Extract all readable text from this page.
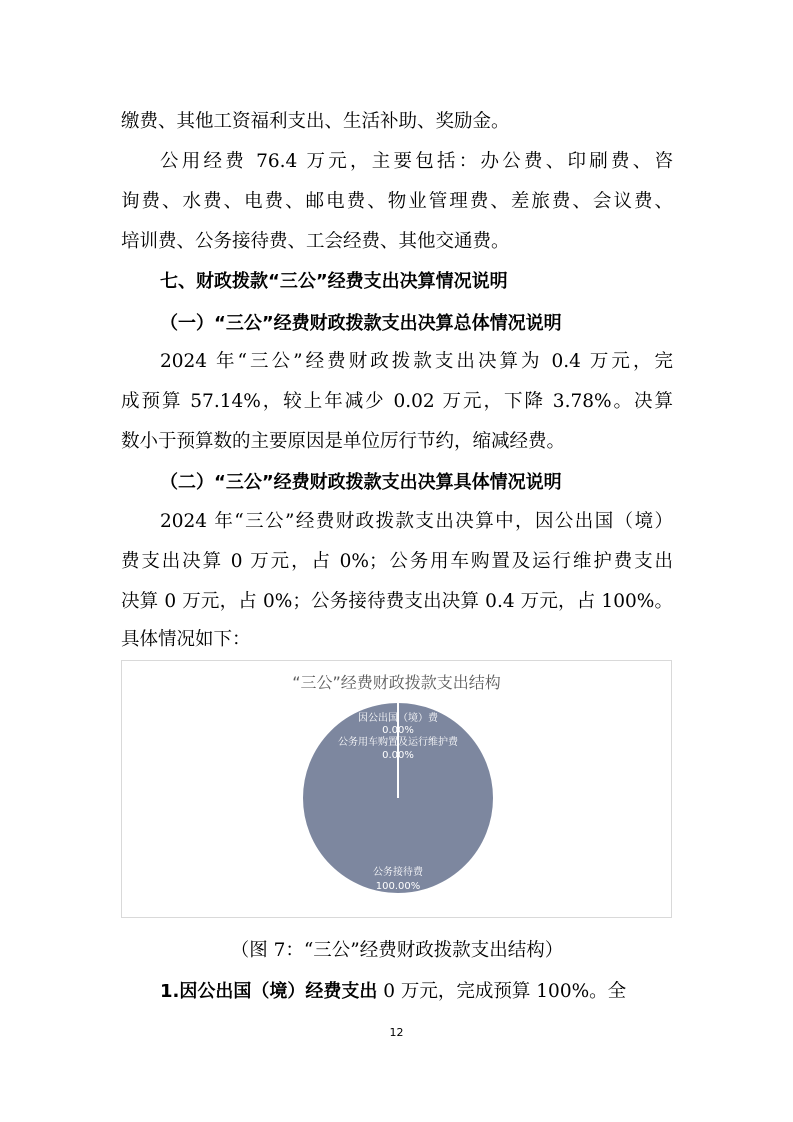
缴费、其他工资福利支出、生活补助、奖励金。
公用经费 76.4 万元，主要包括：办公费、印刷费、咨
询费、水费、电费、邮电费、物业管理费、差旅费、会议费、
培训费、公务接待费、工会经费、其他交通费。
七、财政拨款“三公”经费支出决算情况说明
（一）“三公”经费财政拨款支出决算总体情况说明
2024 年“三公”经费财政拨款支出决算为 0.4 万元，完
成预算 57.14%，较上年减少 0.02 万元，下降 3.78%。决算
数小于预算数的主要原因是单位厉行节约，缩减经费。
（二）“三公”经费财政拨款支出决算具体情况说明
2024 年“三公”经费财政拨款支出决算中，因公出国（境）
费支出决算 0 万元，占 0%；公务用车购置及运行维护费支出
决算 0 万元，占 0%；公务接待费支出决算 0.4 万元，占 100%。
具体情况如下：
“三公”经费财政拨款支出结构
因公出国（境）费
0.00%
公务用车购置及运行维护费
0.00%
公务接待费
100.00%
（图 7：“三公”经费财政拨款支出结构）
1.因公出国（境）经费支出 0 万元，完成预算 100%。全
12
